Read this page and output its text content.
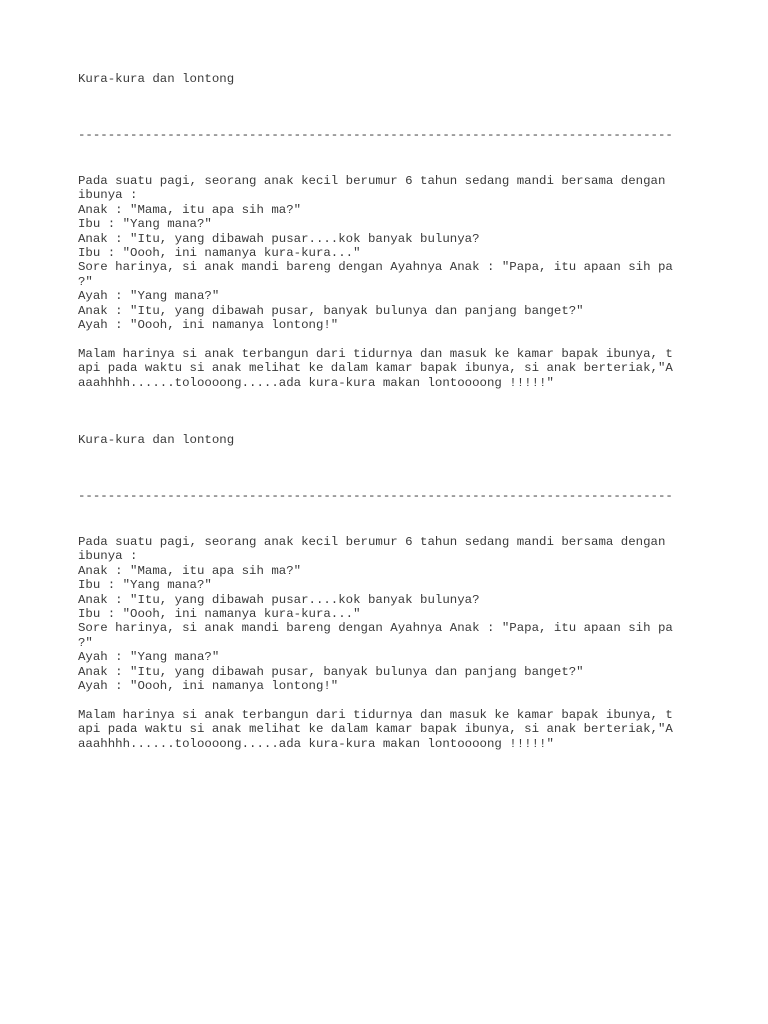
Kura-kura dan lontong
--------------------------------------------------------------------------------
Pada suatu pagi, seorang anak kecil berumur 6 tahun sedang mandi bersama dengan
ibunya :
Anak : "Mama, itu apa sih ma?"
Ibu : "Yang mana?"
Anak : "Itu, yang dibawah pusar....kok banyak bulunya?
Ibu : "Oooh, ini namanya kura-kura..."
Sore harinya, si anak mandi bareng dengan Ayahnya Anak : "Papa, itu apaan sih pa
?"
Ayah : "Yang mana?"
Anak : "Itu, yang dibawah pusar, banyak bulunya dan panjang banget?"
Ayah : "Oooh, ini namanya lontong!"
Malam harinya si anak terbangun dari tidurnya dan masuk ke kamar bapak ibunya, t
api pada waktu si anak melihat ke dalam kamar bapak ibunya, si anak berteriak,"A
aaahhhh......toloooong.....ada kura-kura makan lontoooong !!!!!"
Kura-kura dan lontong
--------------------------------------------------------------------------------
Pada suatu pagi, seorang anak kecil berumur 6 tahun sedang mandi bersama dengan
ibunya :
Anak : "Mama, itu apa sih ma?"
Ibu : "Yang mana?"
Anak : "Itu, yang dibawah pusar....kok banyak bulunya?
Ibu : "Oooh, ini namanya kura-kura..."
Sore harinya, si anak mandi bareng dengan Ayahnya Anak : "Papa, itu apaan sih pa
?"
Ayah : "Yang mana?"
Anak : "Itu, yang dibawah pusar, banyak bulunya dan panjang banget?"
Ayah : "Oooh, ini namanya lontong!"
Malam harinya si anak terbangun dari tidurnya dan masuk ke kamar bapak ibunya, t
api pada waktu si anak melihat ke dalam kamar bapak ibunya, si anak berteriak,"A
aaahhhh......toloooong.....ada kura-kura makan lontoooong !!!!!"
